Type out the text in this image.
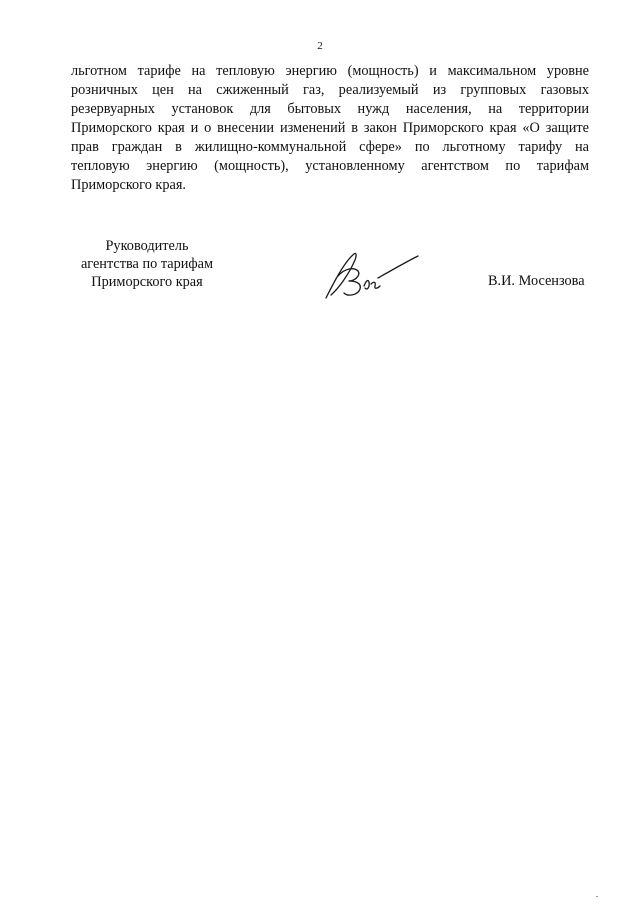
2
льготном тарифе на тепловую энергию (мощность) и максимальном уровне
розничных цен на сжиженный газ, реализуемый из групповых газовых
резервуарных установок для бытовых нужд населения, на территории
Приморского края и о внесении изменений в закон Приморского края «О защите
прав граждан в жилищно-коммунальной сфере» по льготному тарифу на
тепловую энергию (мощность), установленному агентством по тарифам
Приморского края.
Руководитель
агентства по тарифам
Приморского края	В.И. Мосензова
